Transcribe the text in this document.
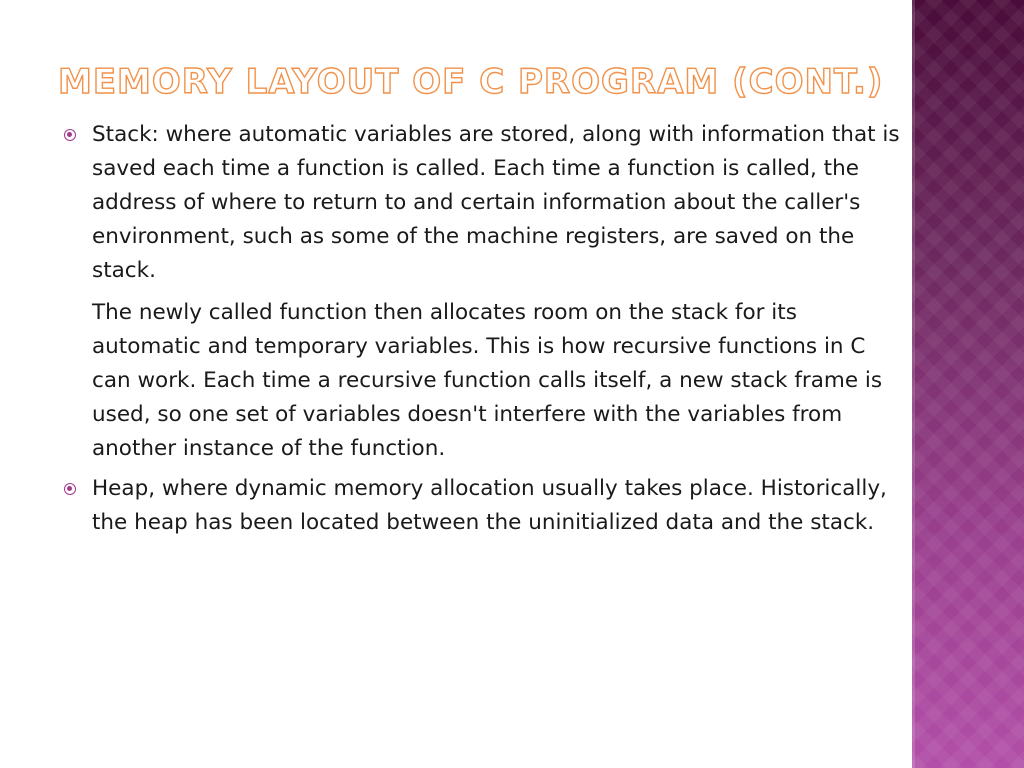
MEMORY LAYOUT OF C PROGRAM (CONT.)

Stack: where automatic variables are stored, along with information that is saved each time a function is called. Each time a function is called, the address of where to return to and certain information about the caller's environment, such as some of the machine registers, are saved on the stack.

The newly called function then allocates room on the stack for its automatic and temporary variables. This is how recursive functions in C can work. Each time a recursive function calls itself, a new stack frame is used, so one set of variables doesn't interfere with the variables from another instance of the function.

Heap, where dynamic memory allocation usually takes place. Historically, the heap has been located between the uninitialized data and the stack.
